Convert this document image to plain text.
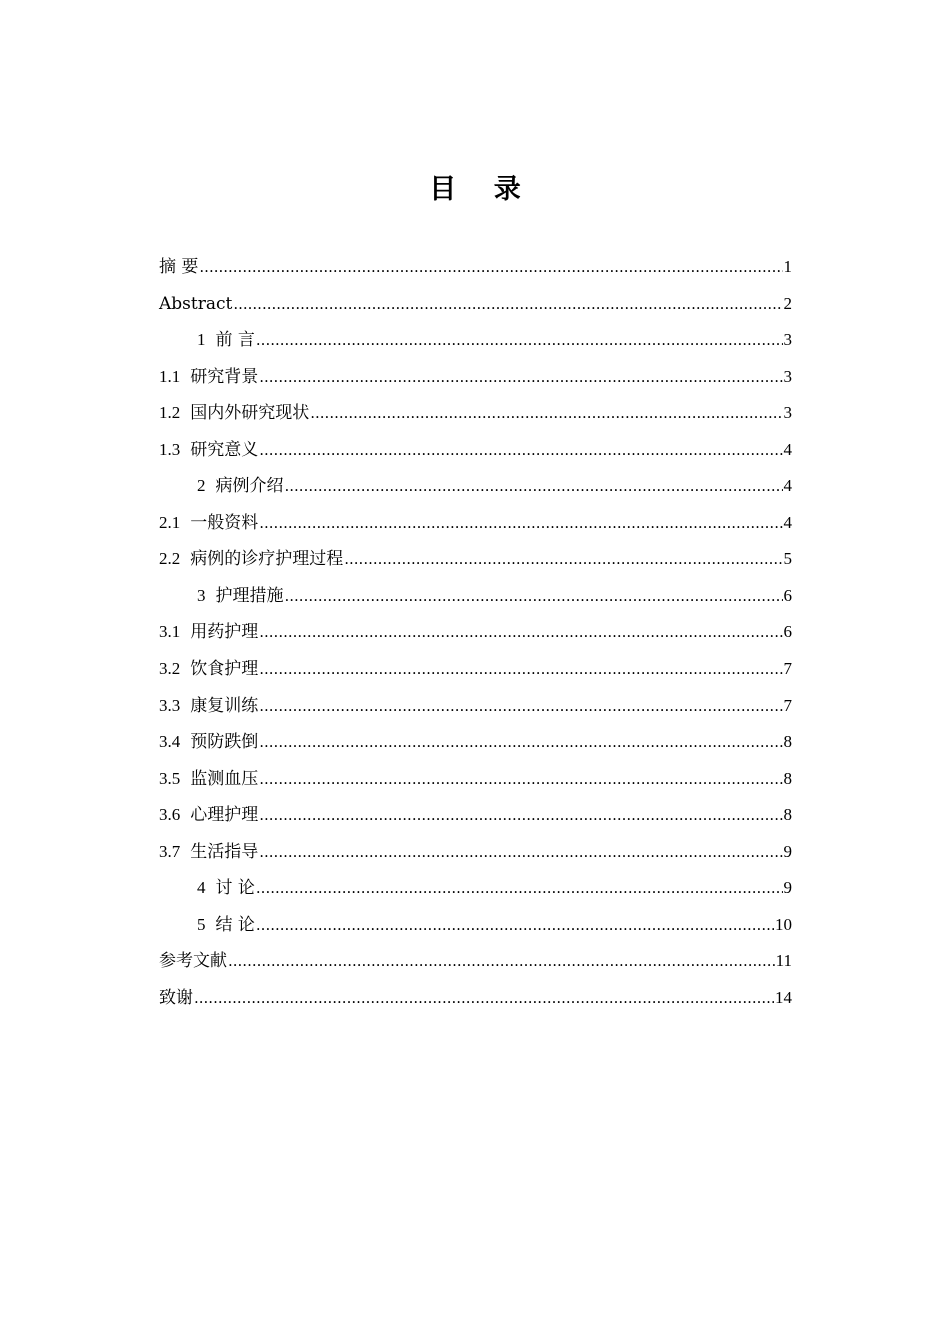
目 录
摘 要 .....	1
Abstract .....	2
1 前 言 .....	3
1.1 研究背景 .....	3
1.2 国内外研究现状 .....	3
1.3 研究意义 .....	4
2 病例介绍 .....	4
2.1 一般资料 .....	4
2.2 病例的诊疗护理过程 .....	5
3 护理措施 .....	6
3.1 用药护理 .....	6
3.2 饮食护理 .....	7
3.3 康复训练 .....	7
3.4 预防跌倒 .....	8
3.5 监测血压 .....	8
3.6 心理护理 .....	8
3.7 生活指导 .....	9
4 讨 论 .....	9
5 结 论 .....	10
参考文献 .....	11
致谢 .....	14
